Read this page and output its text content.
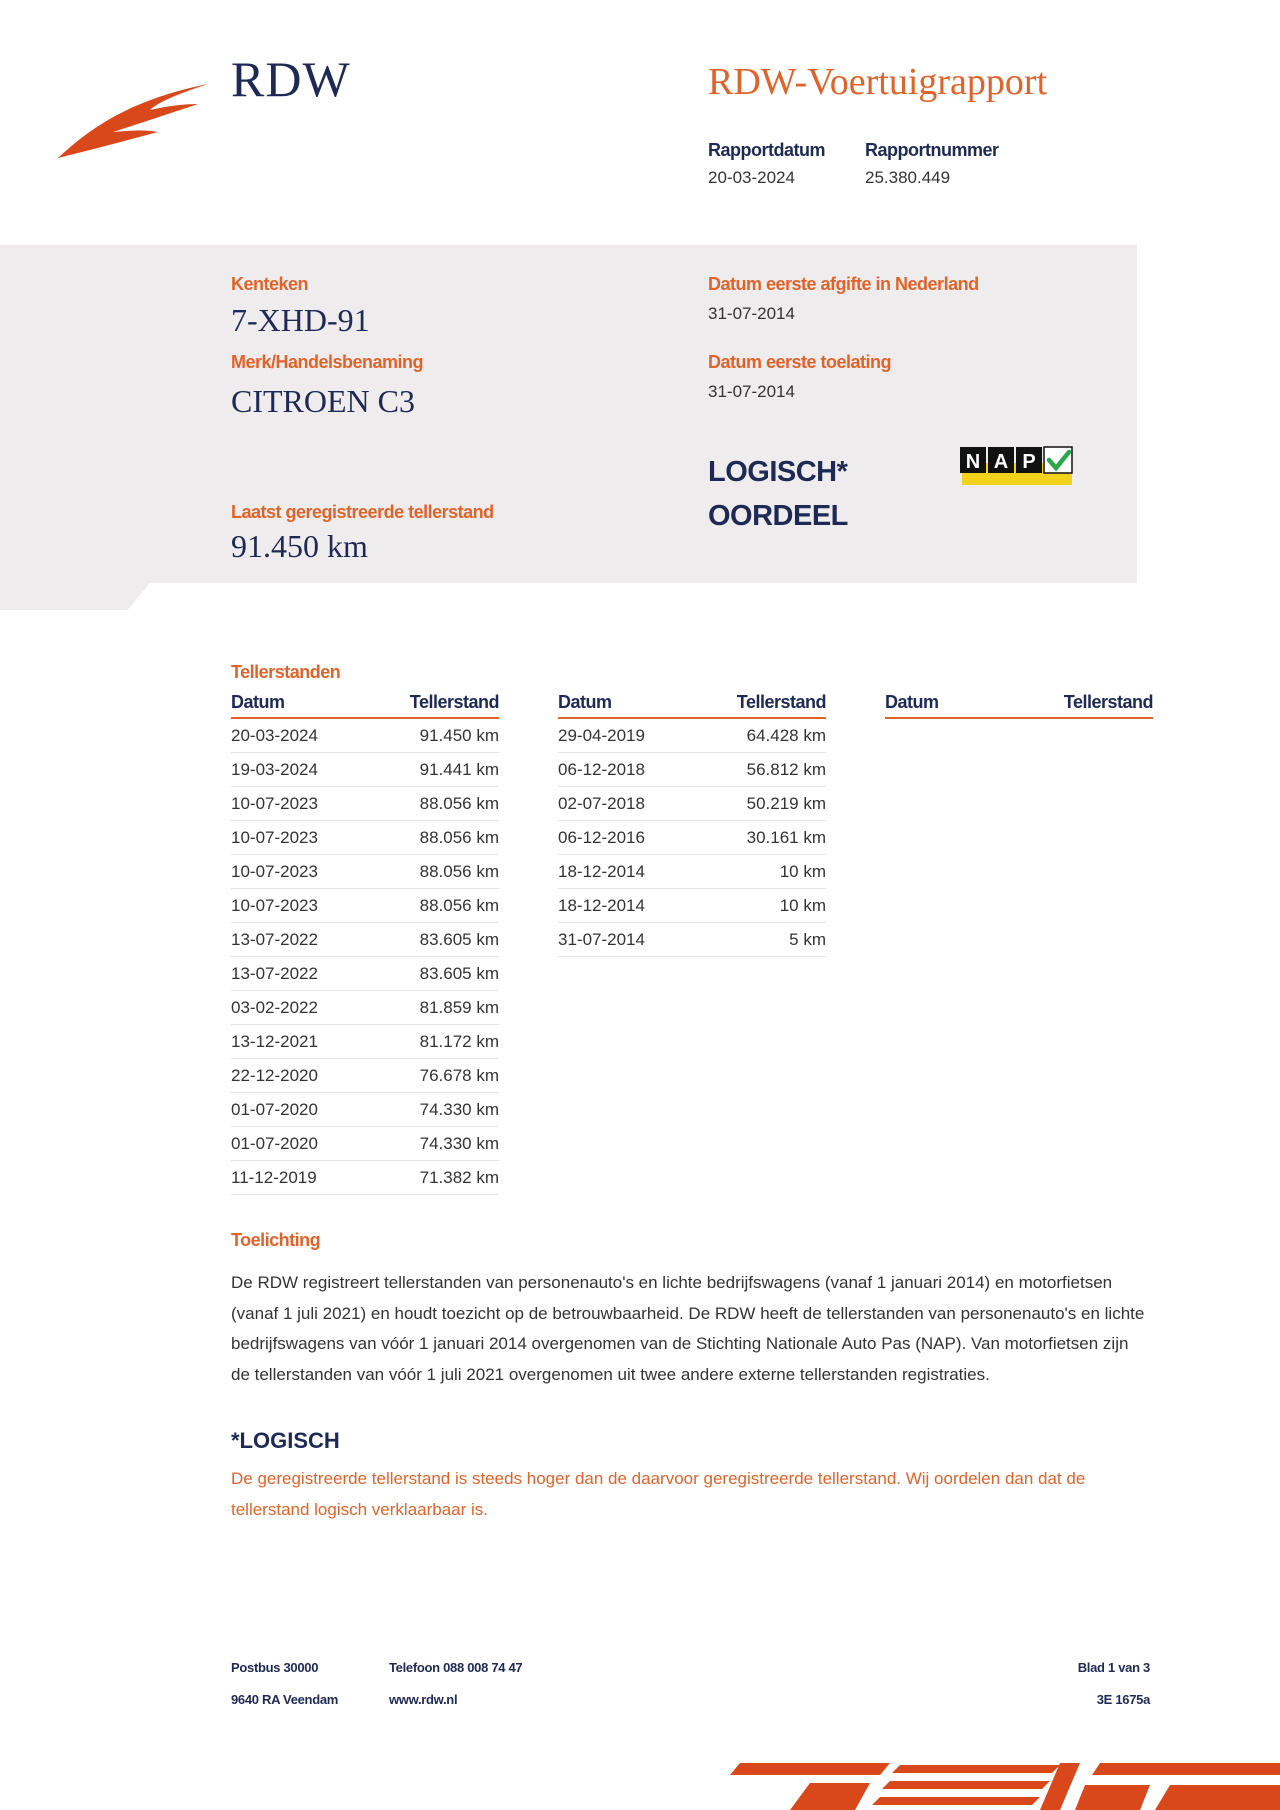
RDW	RDW-Voertuigrapport
Rapportdatum
20-03-2024
Rapportnummer
25.380.449
Kenteken
7-XHD-91
Merk/Handelsbenaming
CITROEN C3
Datum eerste afgifte in Nederland
31-07-2014
Datum eerste toelating
31-07-2014
Laatst geregistreerde tellerstand
91.450 km
LOGISCH*
OORDEEL
N A P
Tellerstanden
Datum	Tellerstand
20-03-2024	91.450 km
19-03-2024	91.441 km
10-07-2023	88.056 km
10-07-2023	88.056 km
10-07-2023	88.056 km
10-07-2023	88.056 km
13-07-2022	83.605 km
13-07-2022	83.605 km
03-02-2022	81.859 km
13-12-2021	81.172 km
22-12-2020	76.678 km
01-07-2020	74.330 km
01-07-2020	74.330 km
11-12-2019	71.382 km
Datum	Tellerstand
29-04-2019	64.428 km
06-12-2018	56.812 km
02-07-2018	50.219 km
06-12-2016	30.161 km
18-12-2014	10 km
18-12-2014	10 km
31-07-2014	5 km
Datum	Tellerstand
Toelichting
De RDW registreert tellerstanden van personenauto's en lichte bedrijfswagens (vanaf 1 januari 2014) en motorfietsen (vanaf 1 juli 2021) en houdt toezicht op de betrouwbaarheid. De RDW heeft de tellerstanden van personenauto's en lichte bedrijfswagens van vóór 1 januari 2014 overgenomen van de Stichting Nationale Auto Pas (NAP). Van motorfietsen zijn de tellerstanden van vóór 1 juli 2021 overgenomen uit twee andere externe tellerstanden registraties.
*LOGISCH
De geregistreerde tellerstand is steeds hoger dan de daarvoor geregistreerde tellerstand. Wij oordelen dan dat de tellerstand logisch verklaarbaar is.
Postbus 30000
9640 RA Veendam
Telefoon 088 008 74 47
www.rdw.nl
Blad 1 van 3
3E 1675a
